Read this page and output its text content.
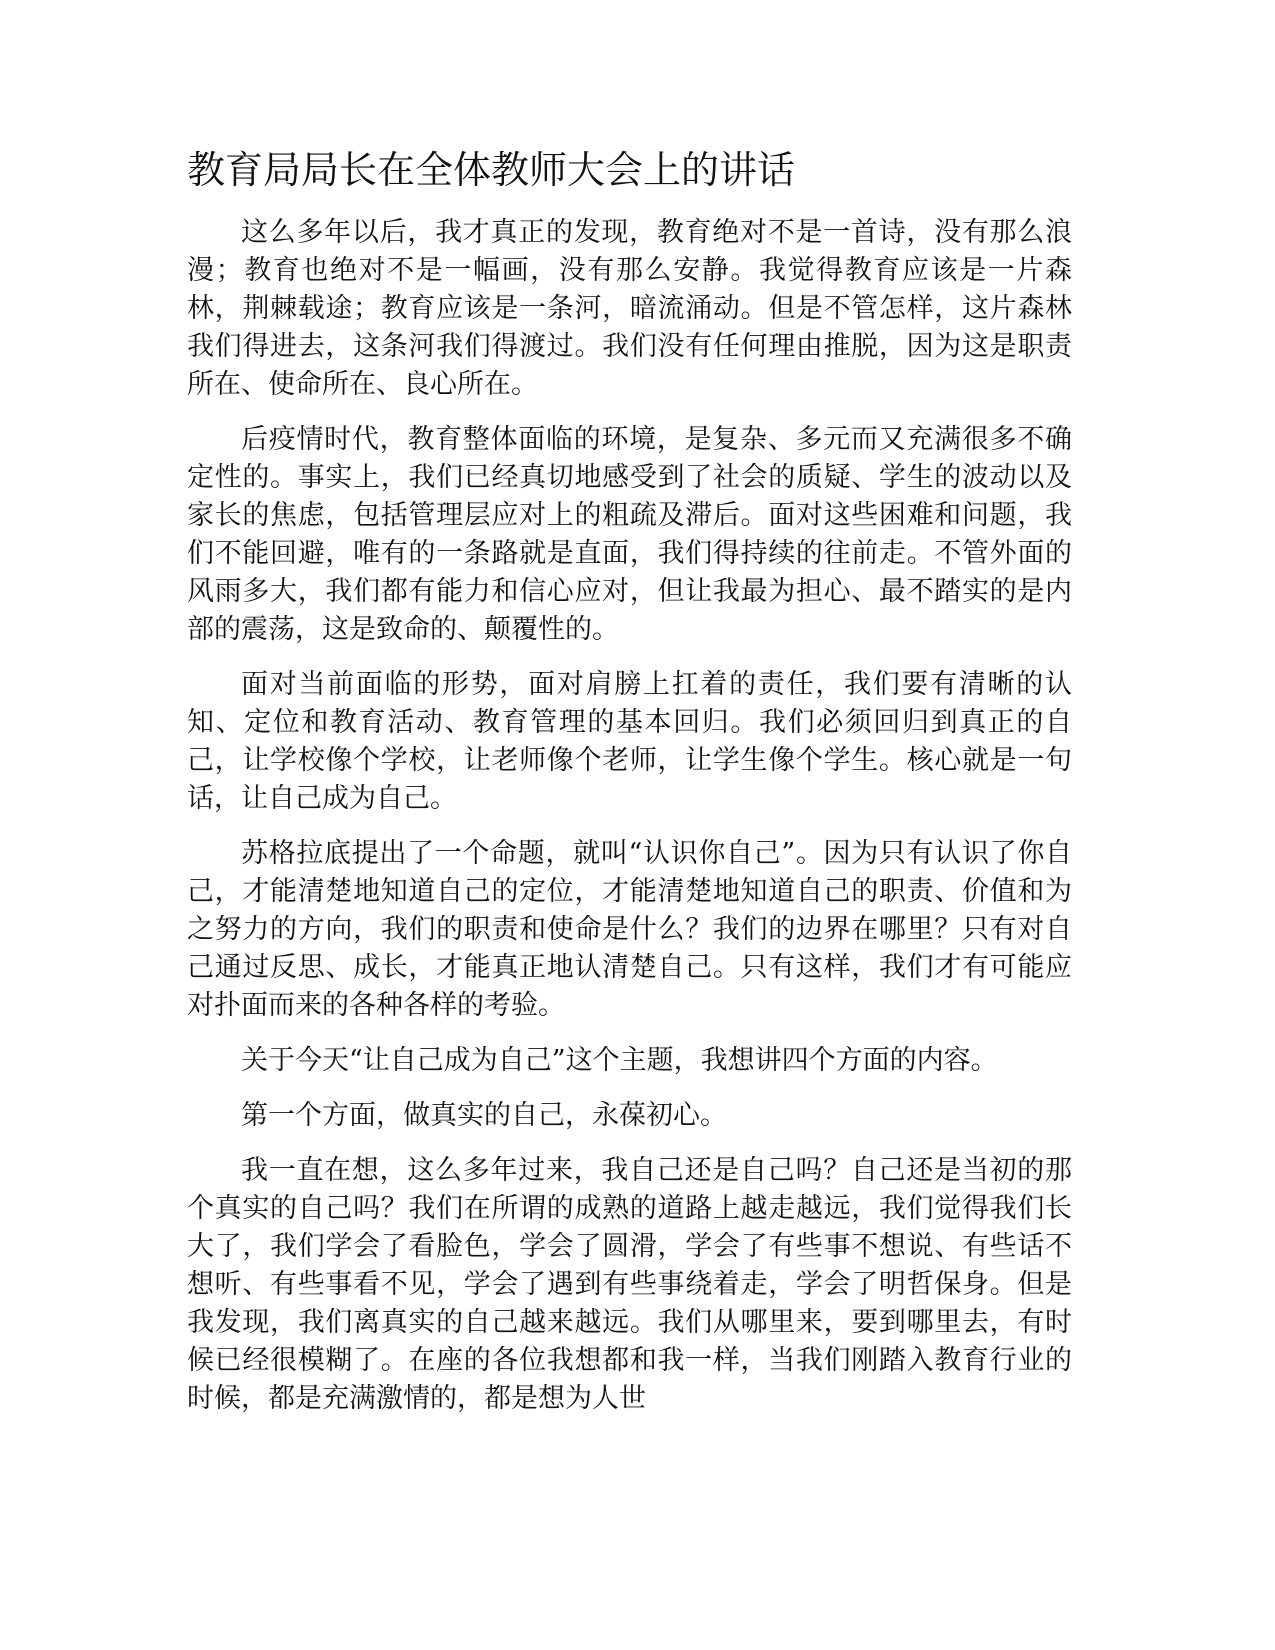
教育局局长在全体教师大会上的讲话

这么多年以后，我才真正的发现，教育绝对不是一首诗，没有那么浪漫；教育也绝对不是一幅画，没有那么安静。我觉得教育应该是一片森林，荆棘载途；教育应该是一条河，暗流涌动。但是不管怎样，这片森林我们得进去，这条河我们得渡过。我们没有任何理由推脱，因为这是职责所在、使命所在、良心所在。

后疫情时代，教育整体面临的环境，是复杂、多元而又充满很多不确定性的。事实上，我们已经真切地感受到了社会的质疑、学生的波动以及家长的焦虑，包括管理层应对上的粗疏及滞后。面对这些困难和问题，我们不能回避，唯有的一条路就是直面，我们得持续的往前走。不管外面的风雨多大，我们都有能力和信心应对，但让我最为担心、最不踏实的是内部的震荡，这是致命的、颠覆性的。

面对当前面临的形势，面对肩膀上扛着的责任，我们要有清晰的认知、定位和教育活动、教育管理的基本回归。我们必须回归到真正的自己，让学校像个学校，让老师像个老师，让学生像个学生。核心就是一句话，让自己成为自己。

苏格拉底提出了一个命题，就叫“认识你自己”。因为只有认识了你自己，才能清楚地知道自己的定位，才能清楚地知道自己的职责、价值和为之努力的方向，我们的职责和使命是什么？我们的边界在哪里？只有对自己通过反思、成长，才能真正地认清楚自己。只有这样，我们才有可能应对扑面而来的各种各样的考验。

关于今天“让自己成为自己”这个主题，我想讲四个方面的内容。

第一个方面，做真实的自己，永葆初心。

我一直在想，这么多年过来，我自己还是自己吗？自己还是当初的那个真实的自己吗？我们在所谓的成熟的道路上越走越远，我们觉得我们长大了，我们学会了看脸色，学会了圆滑，学会了有些事不想说、有些话不想听、有些事看不见，学会了遇到有些事绕着走，学会了明哲保身。但是我发现，我们离真实的自己越来越远。我们从哪里来，要到哪里去，有时候已经很模糊了。在座的各位我想都和我一样，当我们刚踏入教育行业的时候，都是充满激情的，都是想为人世
